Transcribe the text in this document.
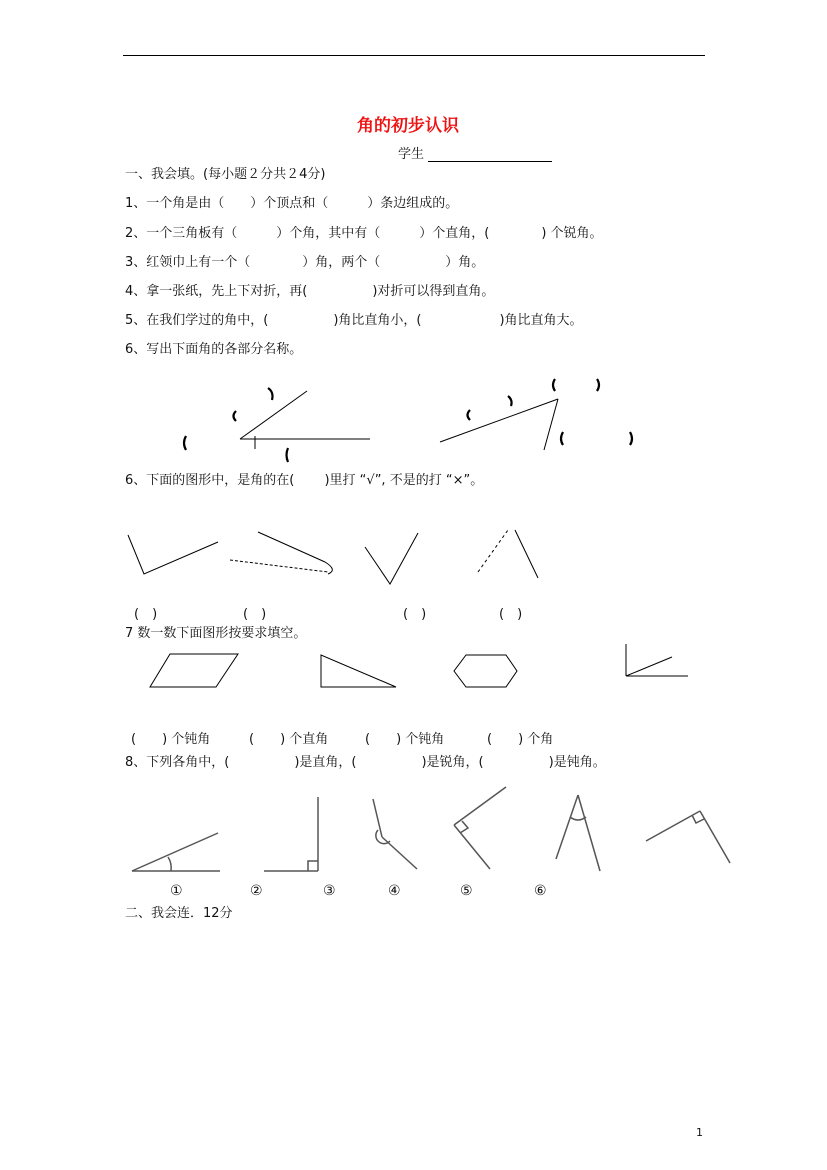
角的初步认识
学生
一、我会填。(每小题２分共２4分)
1、一个角是由（　　）个顶点和（　　　）条边组成的。
2、一个三角板有（　　　）个角，其中有（　　　）个直角，(　　　　) 个锐角。
3、红领巾上有一个（　　　　）角，两个（　　　　　）角。
4、拿一张纸，先上下对折，再(　　　　　)对折可以得到直角。
5、在我们学过的角中，(　　　　　)角比直角小，(　　　　　　)角比直角大。
6、写出下面角的各部分名称。
6、下面的图形中，是角的在(　　 )里打 “√”, 不是的打 “×”。
(　)	(　)	(　)	(　)
7 数一数下面图形按要求填空。
(　　) 个钝角	(　　) 个直角	(　　) 个钝角	(　　) 个角
8、下列各角中，(　　　　　)是直角，(　　　　　)是锐角，(　　　　　)是钝角。
①	②	③	④	⑤	⑥
二、我会连．12分
1
